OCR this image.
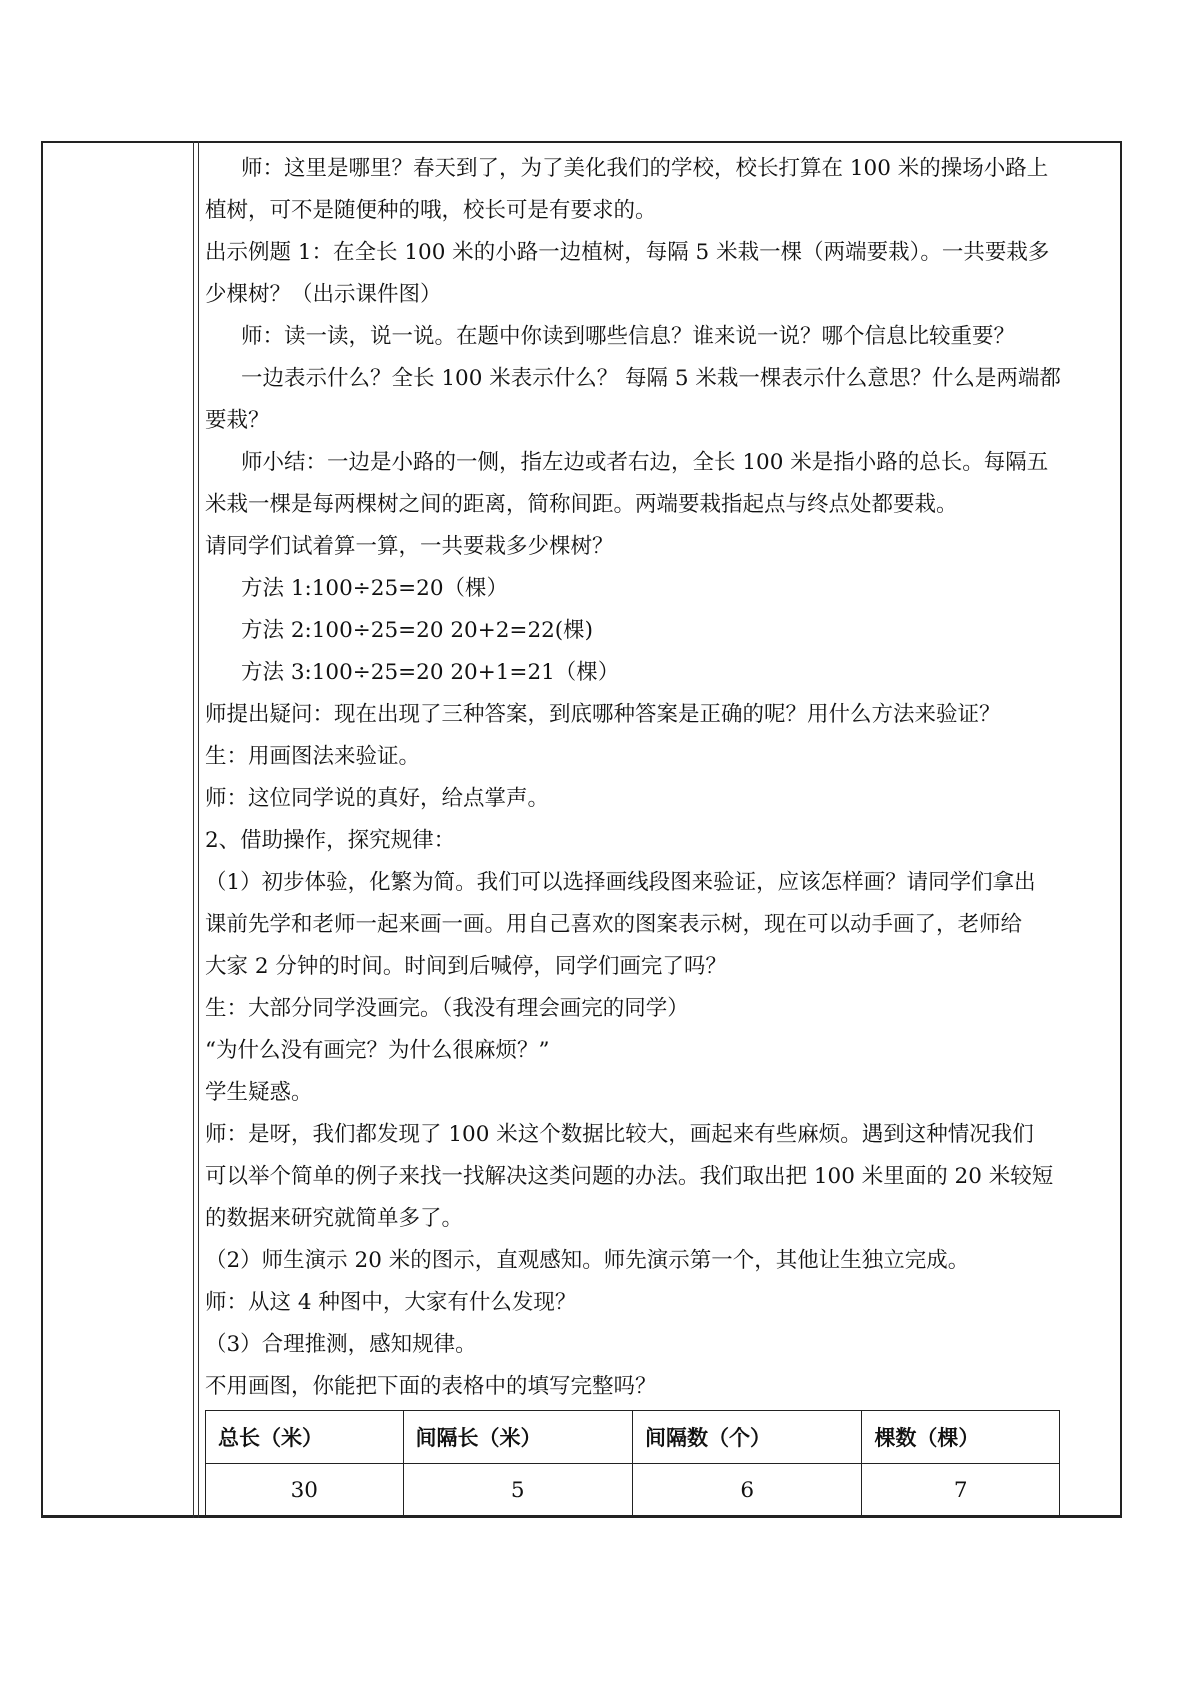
师：这里是哪里？春天到了，为了美化我们的学校，校长打算在 100 米的操场小路上

植树，可不是随便种的哦，校长可是有要求的。

出示例题 1：在全长 100 米的小路一边植树，每隔 5 米栽一棵（两端要栽）。一共要栽多

少棵树？（出示课件图）

师：读一读，说一说。在题中你读到哪些信息？谁来说一说？哪个信息比较重要？

一边表示什么？全长 100 米表示什么？ 每隔 5 米栽一棵表示什么意思？什么是两端都

要栽？

师小结：一边是小路的一侧，指左边或者右边，全长 100 米是指小路的总长。每隔五

米栽一棵是每两棵树之间的距离，简称间距。两端要栽指起点与终点处都要栽。

请同学们试着算一算，一共要栽多少棵树？

方法 1:100÷25=20（棵）

方法 2:100÷25=20 20+2=22(棵)

方法 3:100÷25=20 20+1=21（棵）

师提出疑问：现在出现了三种答案，到底哪种答案是正确的呢？用什么方法来验证？

生：用画图法来验证。

师：这位同学说的真好，给点掌声。

2、借助操作，探究规律：

（1）初步体验，化繁为简。我们可以选择画线段图来验证，应该怎样画？请同学们拿出

课前先学和老师一起来画一画。用自己喜欢的图案表示树，现在可以动手画了，老师给

大家 2 分钟的时间。时间到后喊停，同学们画完了吗？

生：大部分同学没画完。（我没有理会画完的同学）

“为什么没有画完？为什么很麻烦？”

学生疑惑。

师：是呀，我们都发现了 100 米这个数据比较大，画起来有些麻烦。遇到这种情况我们

可以举个简单的例子来找一找解决这类问题的办法。我们取出把 100 米里面的 20 米较短

的数据来研究就简单多了。

（2）师生演示 20 米的图示，直观感知。师先演示第一个，其他让生独立完成。

师：从这 4 种图中，大家有什么发现？

（3）合理推测，感知规律。

不用画图，你能把下面的表格中的填写完整吗？

总长（米）	间隔长（米）	间隔数（个）	棵数（棵）
30	5	6	7
